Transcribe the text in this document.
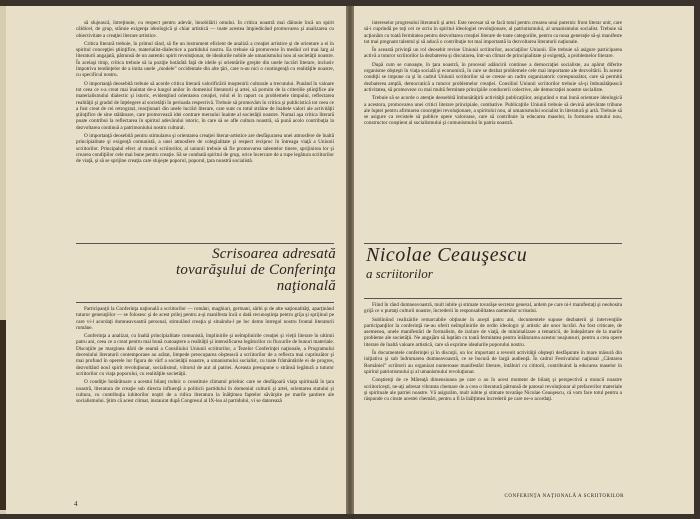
să slujească, întreţinute, cu respect pentru adevăr, înnobilării omului. În critica noastră mai dăinuie încă un spirit căldicel, de grup, stăruie exigenţa ideologică şi chiar artistică — toate acestea împiedicând promovarea şi analizarea cu obiectivitate a creaţiei literare artistice.

Critica literară trebuie, în primul rând, să fie un instrument eficient de analiză a creaţiei artistice şi de orientare a ei în spiritul concepţiei ştiinţifice, materialist-dialectice a partidului nostru. Ea trebuie să promoveze în mediul cel mai larg al literaturii angajată, pătrunsă de un autentic spirit revoluţionar, de idealurile nobile ale umanismului nou al societăţii noastre. În acelaşi timp, critica trebuie să ia poziţie hotărâtă faţă de ideile şi orientările greşite din unele lucrări literare, inclusiv împotriva tendinţelor de a imita unele „modele” occidentale din alte ţări, care n-au nici o contingenţă cu realităţile noastre, cu specificul nostru.

O importanţă deosebită trebuie să acorde critica literară valorificării moştenirii culturale a trecutului. Punând în valoare tot ceea ce s-a creat mai înaintat de-a lungul anilor în domeniul literaturii şi artei, să pornim de la criteriile ştiinţifice ale materialismului dialectic şi istoric, evidenţiind orientarea creaţiei, rolul ei în raport cu problemele timpului, reflectarea realităţii şi gradul de înţelegere al societăţii în perioada respectivă. Trebuie să promovăm în critica şi publicistică tot ceea ce a fost creat de cei retrograzi, reacţionari din unele lucrări literare, care sunt cu totul străine de înaltele valori ale activităţii ştiinţifice de sine stătătoare, care promovează idei contrare mersului înainte al societăţii noastre. Numai aşa critica literară poate contribui la reflectarea în spiritul adevărului istoric, în care să se afle cultura noastră, să pună acolo contribuţia la dezvoltarea continuă a patrimoniului nostru cultural.

O importanţă deosebită pentru stimularea şi orientarea creaţiei literar-artistice are desfăşurarea unei atmosfere de înaltă principialitate şi exigenţă comunistă, a unei atmosfere de colegialitate şi respect reciproc în întreaga viaţă a Uniunii scriitorilor. Principalul efect al muncii scriitorilor, al uniunii trebuie să fie promovarea talentelor tinere, sprijinirea lor şi crearea condiţiilor cele mai bune pentru creaţie. Să se combată spiritul de grup, orice încercare de a rupe legătura scriitorilor de viaţă, şi să se sprijine creaţia care slujeşte poporul, poporul, ţara noastră socialistă.

Scrisoarea adresată tovarăşului de Conferinţa naţională

Participanţii la Conferinţa naţională a scriitorilor — români, maghiari, germani, sârbi şi de alte naţionalităţi, aparţinând tuturor generaţiilor — se folosesc şi de acest prilej pentru a-şi manifesta încă o dată recunoştinţa pentru grija şi sprijinul pe care vi-l acordaţi dumneavoastră personal, stimulând creaţia şi situându-l pe loc demn întregul nostru frontal literaturii române.

Conferinţa a analizat, cu înaltă principialitate comunistă, împlinirile şi neîmplinirile creaţiei şi vieţii literare în ultimii patru ani, ceea ce a creat pentru mai bună cunoaştere a realităţii şi intensificarea legăturilor cu fluxurile de bunuri materiale. Discuţiile pe marginea dării de seamă a Consiliului Uniunii scriitorilor, a Tezelor Conferinţei naţionale, a Programului deceniului literaturii contemporane au arătat, limpede preocuparea obştească a scriitorilor de a reflecta mai cuprinzător şi mai profund în operele lor figura de vârf a societăţii noastre, a umanismului socialist, cu toate frământările ei de progres, dezvoltând noul spirit revoluţionar, socialismul, viitorul de aur al patriei. Aceasta presupune o strânsă legătură a tuturor scriitorilor cu viaţa poporului, cu realităţile societăţii.

O condiţie hotărâtoare a acestui bilanţ rodnic o constituie climatul prielnic care se desfăşoară viaţa spirituală în ţara noastră, literatura de creaţie sub directa influenţă a politicii partidului în domeniul culturii şi artei, orientarea statului şi cultura, cu contribuţia iubitorilor noştri de a ridica literatura la înălţimea faptelor săvârşite pe marile şantiere ale socialismului. Ştim că acest climat, instaurat după Congresul al IX-lea al partidului, vi se datorează

4

intereselor progresului literaturii şi artei. Este necesar să se facă totul pentru crearea unui puternic front literar unit, care să-i cuprindă pe toţi cei ce scriu în spiritul ideologiei revoluţionare, al patriotismului, al umanismului socialist. Trebuie să acţionăm cu toată fermitatea pentru dezvoltarea creaţiei literare de toate categoriile, pentru ca noua generaţie să-şi manifeste tot mai pregnant talentul şi să aducă o contribuţie tot mai importantă la dezvoltarea literaturii naţionale.

În această privinţă un rol deosebit revine Uniunii scriitorilor, asociaţiilor Uniunii. Ele trebuie să asigure participarea activă a tuturor scriitorilor la dezbaterea şi discutarea, într-un climat de principialitate şi exigenţă, a problemelor literare.

După cum se cunoaşte, în ţara noastră, în procesul adâncirii continue a democraţiei socialiste, au apărut diferite organisme obşteşti în viaţa socială şi economică, în care se dezbat problemele cele mai importante ale dezvoltării. În aceste condiţii se impune ca şi în cadrul Uniunii scriitorilor să se creeze un cadru organizatoric corespunzător, care să permită dezbaterea amplă, democratică a tuturor problemelor creaţiei. Consiliul Uniunii scriitorilor trebuie să-şi îmbunătăţească activitatea, să promoveze cu mai multă fermitate principiile conducerii colective, ale democraţiei noastre socialiste.

Trebuie să se acorde o atenţie deosebită îmbunătăţirii activităţii publicaţiilor, asigurând o mai bună orientare ideologică a acestora, promovarea unei critici literare principiale, combative. Publicaţiile Uniunii trebuie să devină adevărate tribune ale luptei pentru afirmarea concepţiei revoluţionare, a spiritului nou, al umanismului socialist în literatură şi artă. Trebuie să se asigure ca revistele să publice opere valoroase, care să contribuie la educarea maselor, la formarea omului nou, constructor conştient al socialismului şi comunismului în patria noastră.

Nicolae Ceauşescu
a scriitorilor

Fiind în rând dumneavoastră, mult iubite şi stimate tovarăşe secretar general, ardem pe care ni-l manifestaţi şi neobosita grijă ce o purtaţi culturii noastre, încrederii în responsabilitatea oamenilor scrisului.

Subliniind realizările remarcabile obţinute în aceşti patru ani, documentele supuse dezbaterii şi intervenţiile participanţilor la conferinţă ne-au oferit neîmplinirile de ordin ideologic şi artistic ale unor lucrări. Au fost criticate, de asemenea, unele manifestări de formalism, de izolare de viaţă, de minimalizare a tematicii, de îndepărtare de la marile probleme ale societăţii. Ne angajăm să luptăm cu toată fermitatea pentru înlăturarea acestor neajunsuri, pentru a crea opere literare de înaltă valoare artistică, care să exprime idealurile poporului nostru.

În documentele conferinţei şi în discuţii, un loc important a revenit activităţii obşteşti desfăşurate în mare măsură din iniţiativa şi sub îndrumarea dumneavoastră, ce se bucură de largă audienţă. În cadrul Festivalului naţional „Cântarea României” scriitorii au organizat numeroase manifestări literare, întâlniri cu cititorii, contribuind la educarea maselor în spiritul patriotismului şi al umanismului revoluţionar.

Conştienţi de ce Măreaţă dimensiunea pe care o au în acest moment de bilanţ şi perspectivă a muncii noastre scriitoriceşti, ne-aţi adresat vibranta chemare de a crea o literatură pătrunsă de patosul revoluţionar al prefacerilor materiale şi spirituale ale patriei noastre. Vă asigurăm, mult iubite şi stimate tovarăşe Nicolae Ceauşescu, că vom face totul pentru a răspunde cu cinste acestei chemări, pentru a fi la înălţimea încrederii pe care ne-o acordaţi.

CONFERINŢA NAŢIONALĂ A SCRIITORILOR
